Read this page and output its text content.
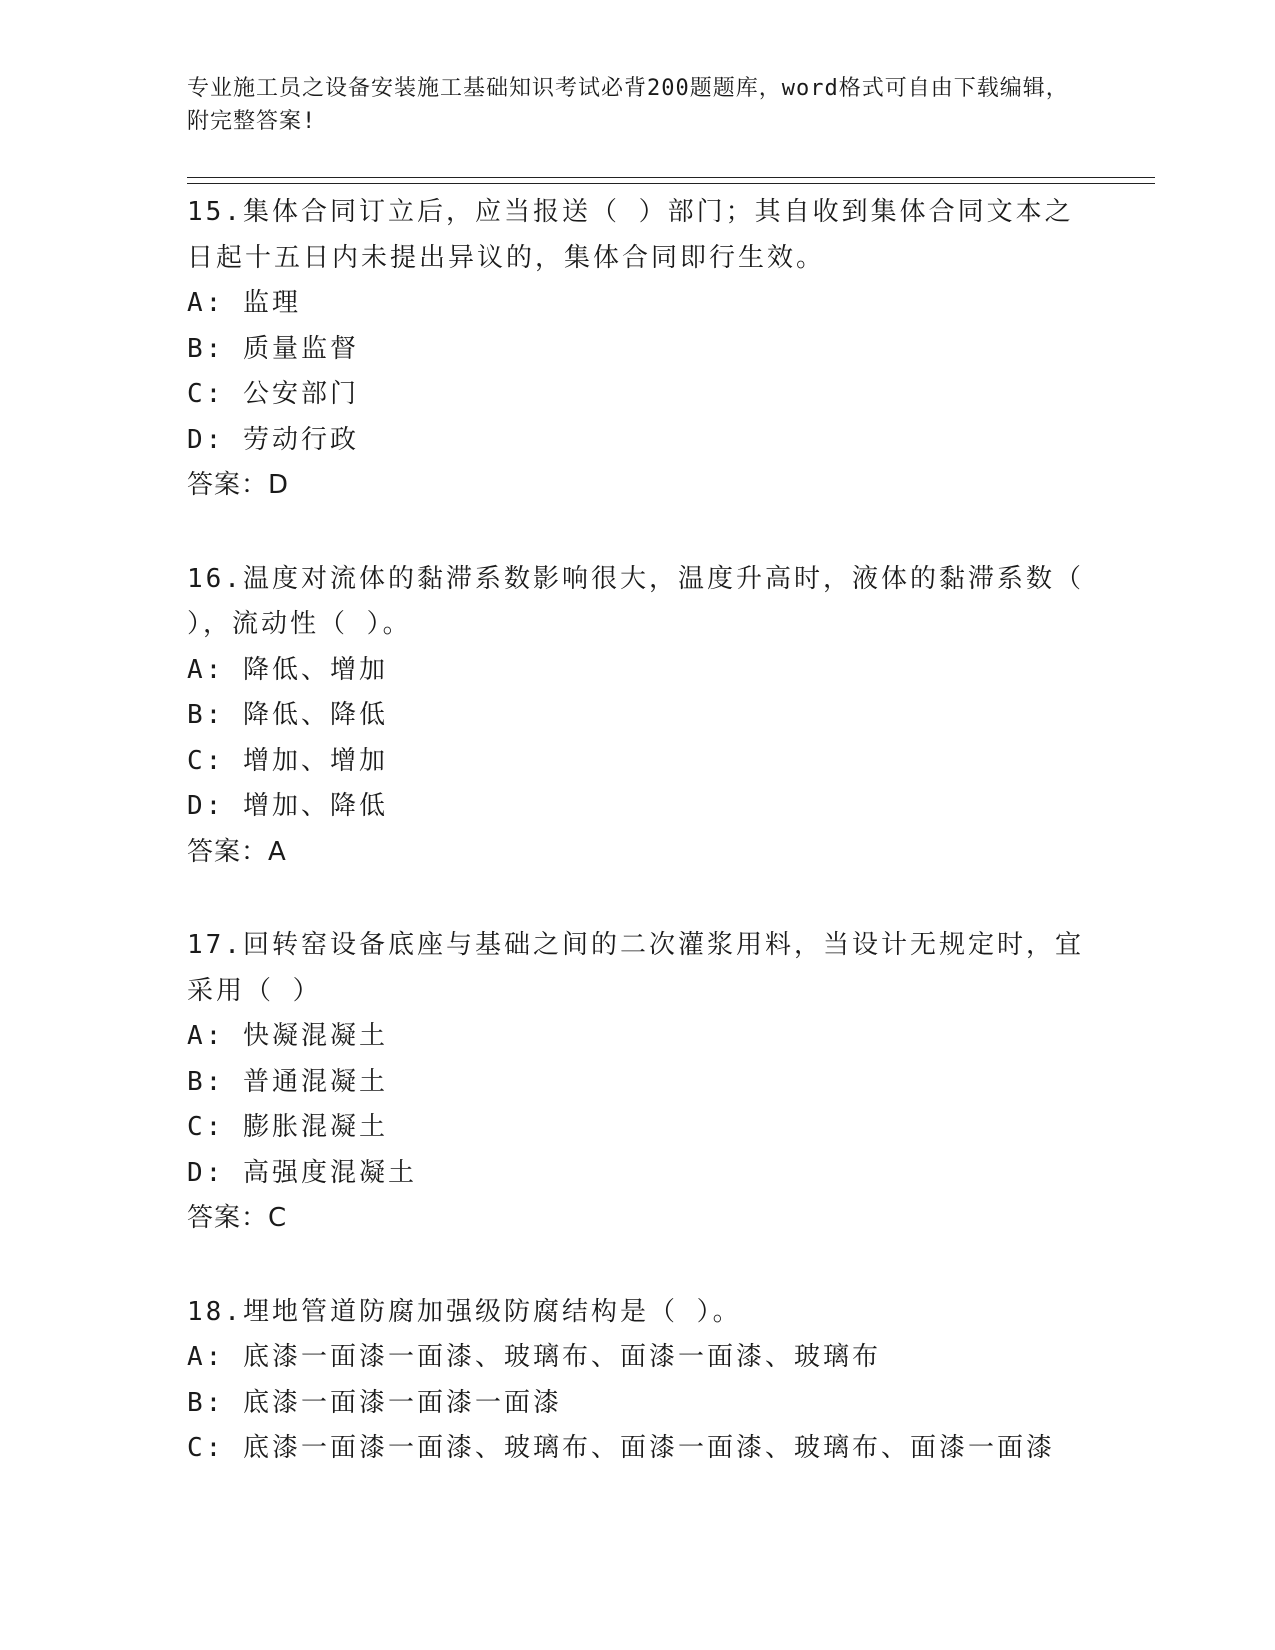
专业施工员之设备安装施工基础知识考试必背200题题库，word格式可自由下载编辑，附完整答案!

15.集体合同订立后，应当报送（ ）部门；其自收到集体合同文本之日起十五日内未提出异议的，集体合同即行生效。

A: 监理

B: 质量监督

C: 公安部门

D: 劳动行政

答案：D

16.温度对流体的黏滞系数影响很大，温度升高时，液体的黏滞系数（ ），流动性（ ）。

A: 降低、增加

B: 降低、降低

C: 增加、增加

D: 增加、降低

答案：A

17.回转窑设备底座与基础之间的二次灌浆用料，当设计无规定时，宜采用（ ）

A: 快凝混凝土

B: 普通混凝土

C: 膨胀混凝土

D: 高强度混凝土

答案：C

18.埋地管道防腐加强级防腐结构是（ ）。

A: 底漆一面漆一面漆、玻璃布、面漆一面漆、玻璃布

B: 底漆一面漆一面漆一面漆

C: 底漆一面漆一面漆、玻璃布、面漆一面漆、玻璃布、面漆一面漆
